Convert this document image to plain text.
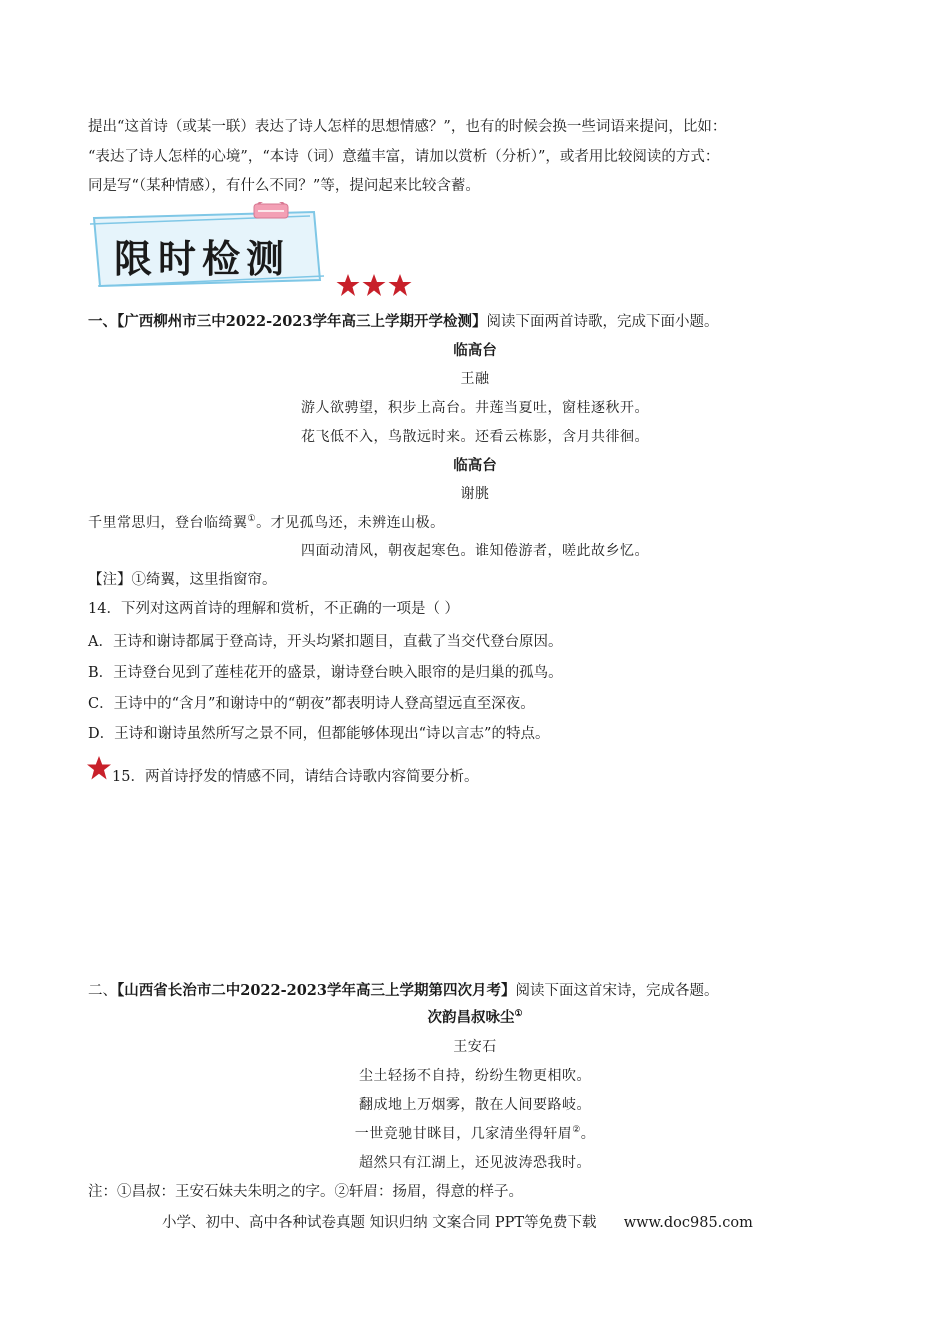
提出“这首诗（或某一联）表达了诗人怎样的思想情感？”，也有的时候会换一些词语来提问，比如：
“表达了诗人怎样的心境”，“本诗（词）意蕴丰富，请加以赏析（分析）”，或者用比较阅读的方式：
同是写“（某种情感），有什么不同？”等，提问起来比较含蓄。
限时检测
一、【广西柳州市三中2022-2023学年高三上学期开学检测】阅读下面两首诗歌，完成下面小题。
临高台
王融
游人欲骋望，积步上高台。井莲当夏吐，窗桂逐秋开。
花飞低不入，鸟散远时来。还看云栋影，含月共徘徊。
临高台
谢朓
千里常思归，登台临绮翼①。才见孤鸟还，未辨连山极。
四面动清风，朝夜起寒色。谁知倦游者，嗟此故乡忆。
【注】①绮翼，这里指窗帘。
14．下列对这两首诗的理解和赏析，不正确的一项是（ ）
A．王诗和谢诗都属于登高诗，开头均紧扣题目，直截了当交代登台原因。
B．王诗登台见到了莲桂花开的盛景，谢诗登台映入眼帘的是归巢的孤鸟。
C．王诗中的“含月”和谢诗中的“朝夜”都表明诗人登高望远直至深夜。
D．王诗和谢诗虽然所写之景不同，但都能够体现出“诗以言志”的特点。
15．两首诗抒发的情感不同，请结合诗歌内容简要分析。
二、【山西省长治市二中2022-2023学年高三上学期第四次月考】阅读下面这首宋诗，完成各题。
次韵昌叔咏尘①
王安石
尘土轻扬不自持，纷纷生物更相吹。
翻成地上万烟雾，散在人间要路岐。
一世竞驰甘眯目，几家清坐得轩眉②。
超然只有江湖上，还见波涛恐我时。
注：①昌叔：王安石妹夫朱明之的字。②轩眉：扬眉，得意的样子。
小学、初中、高中各种试卷真题 知识归纳 文案合同 PPT等免费下载 www.doc985.com
